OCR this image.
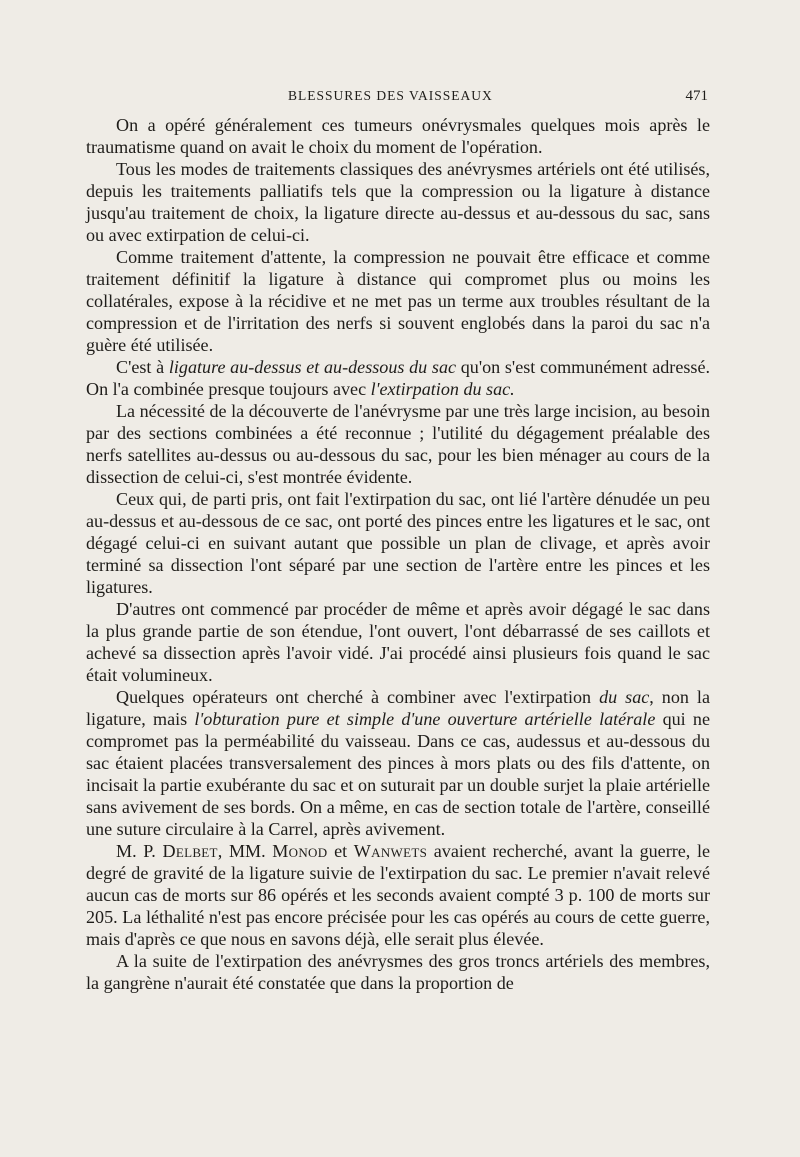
BLESSURES DES VAISSEAUX	471

On a opéré généralement ces tumeurs onévrysmales quelques mois après le traumatisme quand on avait le choix du moment de l'opération.

Tous les modes de traitements classiques des anévrysmes artériels ont été utilisés, depuis les traitements palliatifs tels que la compression ou la ligature à distance jusqu'au traitement de choix, la ligature directe au-dessus et au-dessous du sac, sans ou avec extirpation de celui-ci.

Comme traitement d'attente, la compression ne pouvait être efficace et comme traitement définitif la ligature à distance qui compromet plus ou moins les collatérales, expose à la récidive et ne met pas un terme aux troubles résultant de la compression et de l'irritation des nerfs si souvent englobés dans la paroi du sac n'a guère été utilisée.

C'est à ligature au-dessus et au-dessous du sac qu'on s'est communément adressé. On l'a combinée presque toujours avec l'extirpation du sac.

La nécessité de la découverte de l'anévrysme par une très large incision, au besoin par des sections combinées a été reconnue ; l'utilité du dégagement préalable des nerfs satellites au-dessus ou au-dessous du sac, pour les bien ménager au cours de la dissection de celui-ci, s'est montrée évidente.

Ceux qui, de parti pris, ont fait l'extirpation du sac, ont lié l'artère dénudée un peu au-dessus et au-dessous de ce sac, ont porté des pinces entre les ligatures et le sac, ont dégagé celui-ci en suivant autant que possible un plan de clivage, et après avoir terminé sa dissection l'ont séparé par une section de l'artère entre les pinces et les ligatures.

D'autres ont commencé par procéder de même et après avoir dégagé le sac dans la plus grande partie de son étendue, l'ont ouvert, l'ont débarrassé de ses caillots et achevé sa dissection après l'avoir vidé. J'ai procédé ainsi plusieurs fois quand le sac était volumineux.

Quelques opérateurs ont cherché à combiner avec l'extirpation du sac, non la ligature, mais l'obturation pure et simple d'une ouverture artérielle latérale qui ne compromet pas la perméabilité du vaisseau. Dans ce cas, audessus et au-dessous du sac étaient placées transversalement des pinces à mors plats ou des fils d'attente, on incisait la partie exubérante du sac et on suturait par un double surjet la plaie artérielle sans avivement de ses bords. On a même, en cas de section totale de l'artère, conseillé une suture circulaire à la Carrel, après avivement.

M. P. Delbet, MM. Monod et Wanwets avaient recherché, avant la guerre, le degré de gravité de la ligature suivie de l'extirpation du sac. Le premier n'avait relevé aucun cas de morts sur 86 opérés et les seconds avaient compté 3 p. 100 de morts sur 205. La léthalité n'est pas encore précisée pour les cas opérés au cours de cette guerre, mais d'après ce que nous en savons déjà, elle serait plus élevée.

A la suite de l'extirpation des anévrysmes des gros troncs artériels des membres, la gangrène n'aurait été constatée que dans la proportion de
